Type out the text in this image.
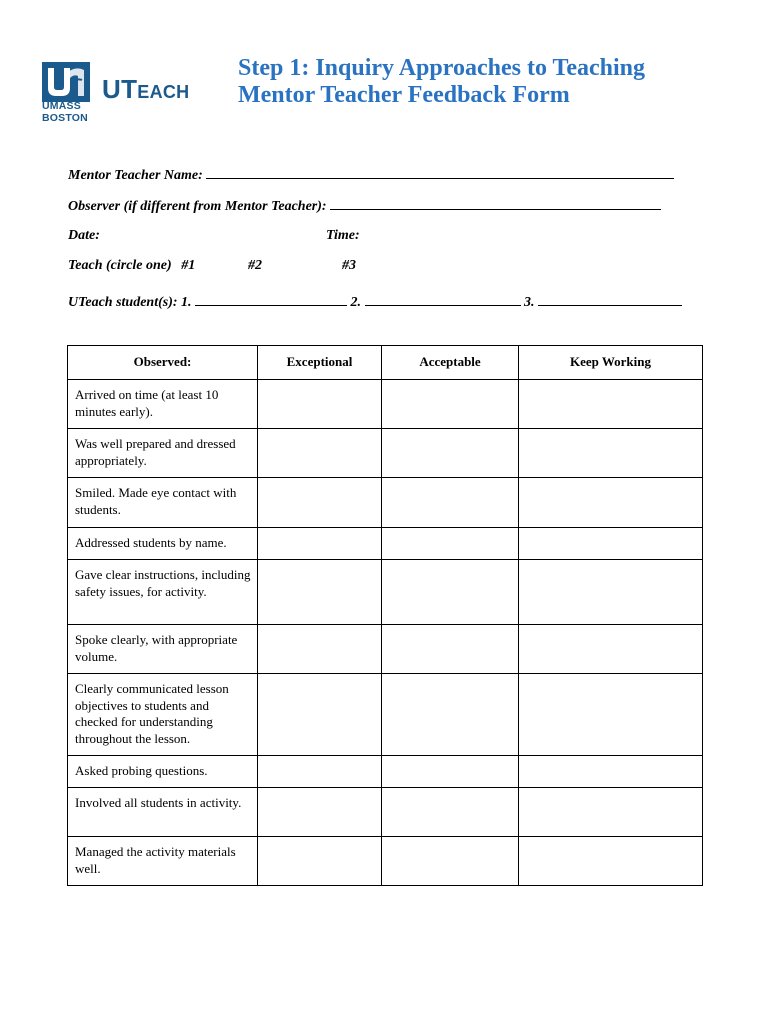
UMASS
BOSTON
UTEACH
Step 1: Inquiry Approaches to Teaching
Mentor Teacher Feedback Form
Mentor Teacher Name:
Observer (if different from Mentor Teacher):
Date:	Time:
Teach (circle one) #1	#2	#3
UTeach student(s): 1.	2.	3.
Observed:	Exceptional	Acceptable	Keep Working
Arrived on time (at least 10 minutes early).			
Was well prepared and dressed appropriately.			
Smiled. Made eye contact with students.			
Addressed students by name.			
Gave clear instructions, including safety issues, for activity.			
Spoke clearly, with appropriate volume.			
Clearly communicated lesson objectives to students and checked for understanding throughout the lesson.			
Asked probing questions.			
Involved all students in activity.			
Managed the activity materials well.			
